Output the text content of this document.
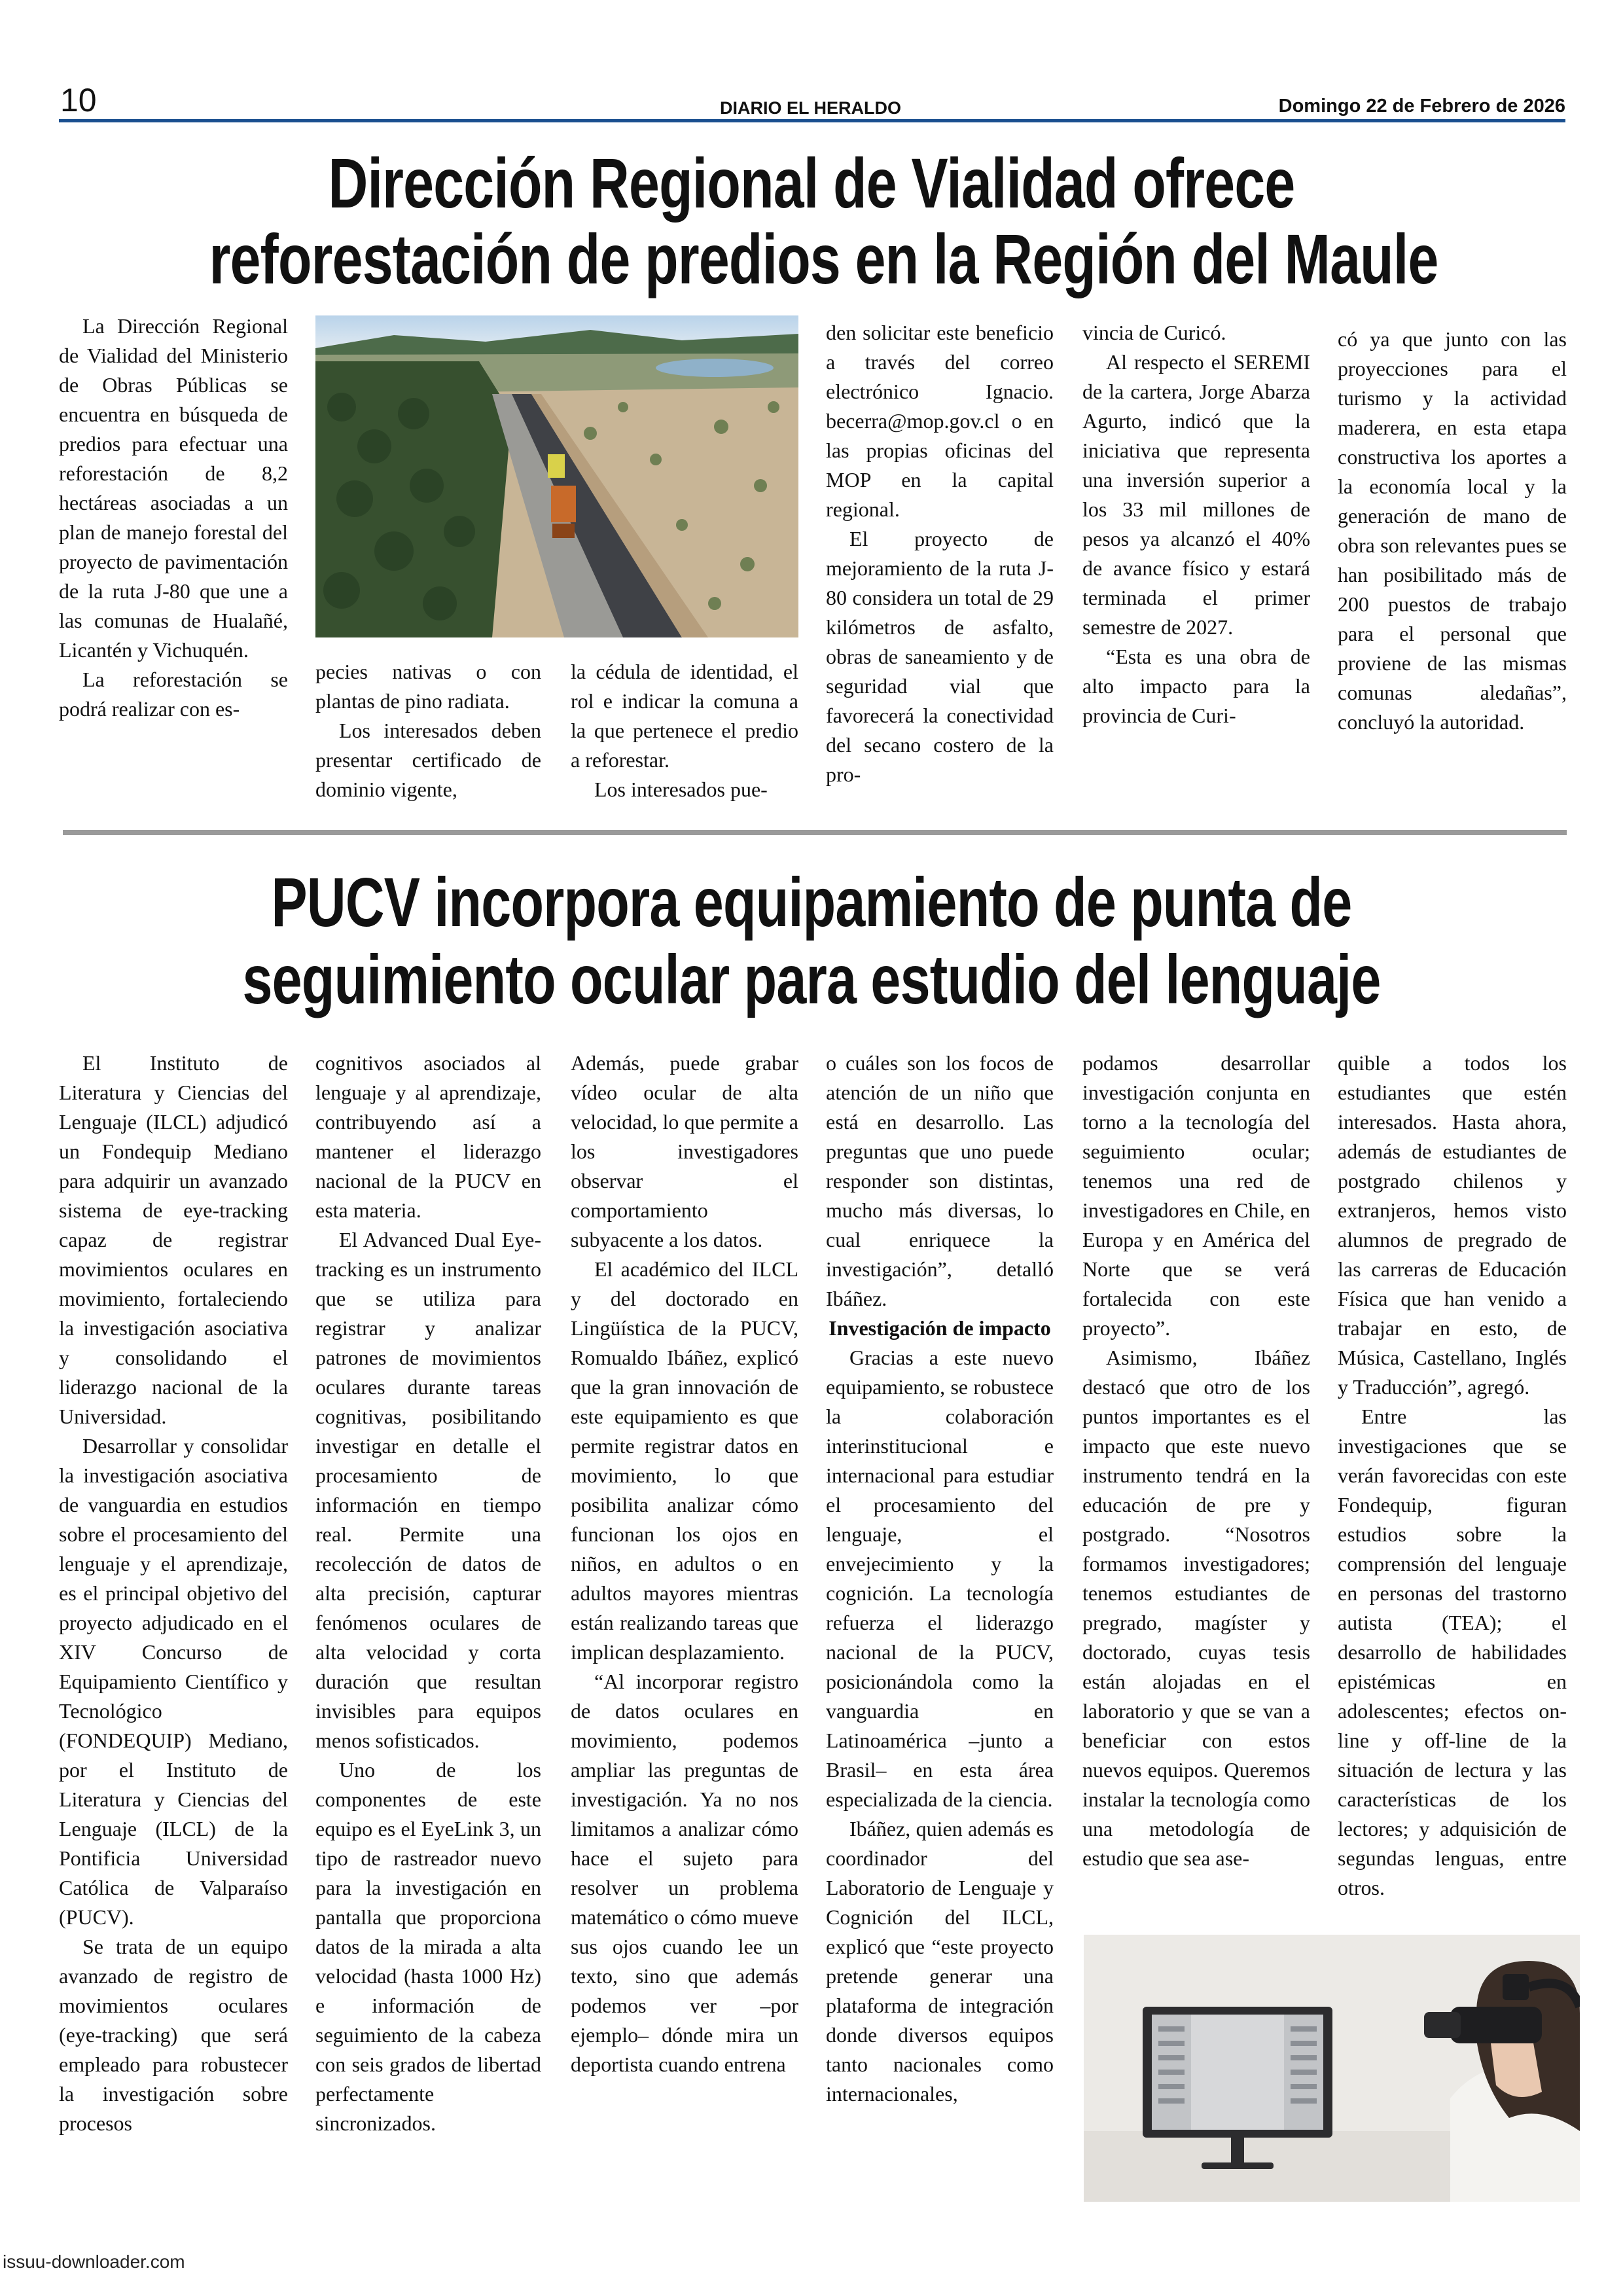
10	DIARIO EL HERALDO	Domingo 22 de Febrero de 2026
Dirección Regional de Vialidad ofrece
reforestación de predios en la Región del Maule

La Dirección Regional de Vialidad del Ministerio de Obras Públicas se encuentra en búsqueda de predios para efectuar una reforestación de 8,2 hectáreas asociadas a un plan de manejo forestal del proyecto de pavimentación de la ruta J-80 que une a las comunas de Hualañé, Licantén y Vichuquén.

La reforestación se podrá realizar con es-

pecies nativas o con plantas de pino radiata.

Los interesados deben presentar certificado de dominio vigente,

la cédula de identidad, el rol e indicar la comuna a la que pertenece el predio a reforestar.

Los interesados pue-

den solicitar este beneficio a través del correo electrónico Ignacio. becerra@mop.gov.cl o en las propias oficinas del MOP en la capital regional.

El proyecto de mejoramiento de la ruta J-80 considera un total de 29 kilómetros de asfalto, obras de saneamiento y de seguridad vial que favorecerá la conectividad del secano costero de la pro-

vincia de Curicó.

Al respecto el SEREMI de la cartera, Jorge Abarza Agurto, indicó que la iniciativa que representa una inversión superior a los 33 mil millones de pesos ya alcanzó el 40% de avance físico y estará terminada el primer semestre de 2027.

“Esta es una obra de alto impacto para la provincia de Curi-

có ya que junto con las proyecciones para el turismo y la actividad maderera, en esta etapa constructiva los aportes a la economía local y la generación de mano de obra son relevantes pues se han posibilitado más de 200 puestos de trabajo para el personal que proviene de las mismas comunas aledañas”, concluyó la autoridad.

PUCV incorpora equipamiento de punta de
seguimiento ocular para estudio del lenguaje

El Instituto de Literatura y Ciencias del Lenguaje (ILCL) adjudicó un Fondequip Mediano para adquirir un avanzado sistema de eye-tracking capaz de registrar movimientos oculares en movimiento, fortaleciendo la investigación asociativa y consolidando el liderazgo nacional de la Universidad.

Desarrollar y consolidar la investigación asociativa de vanguardia en estudios sobre el procesamiento del lenguaje y el aprendizaje, es el principal objetivo del proyecto adjudicado en el XIV Concurso de Equipamiento Científico y Tecnológico (FONDEQUIP) Mediano, por el Instituto de Literatura y Ciencias del Lenguaje (ILCL) de la Pontificia Universidad Católica de Valparaíso (PUCV).

Se trata de un equipo avanzado de registro de movimientos oculares (eye-tracking) que será empleado para robustecer la investigación sobre procesos

cognitivos asociados al lenguaje y al aprendizaje, contribuyendo así a mantener el liderazgo nacional de la PUCV en esta materia.

El Advanced Dual Eye-tracking es un instrumento que se utiliza para registrar y analizar patrones de movimientos oculares durante tareas cognitivas, posibilitando investigar en detalle el procesamiento de información en tiempo real. Permite una recolección de datos de alta precisión, capturar fenómenos oculares de alta velocidad y corta duración que resultan invisibles para equipos menos sofisticados.

Uno de los componentes de este equipo es el EyeLink 3, un tipo de rastreador nuevo para la investigación en pantalla que proporciona datos de la mirada a alta velocidad (hasta 1000 Hz) e información de seguimiento de la cabeza con seis grados de libertad perfectamente sincronizados.

Además, puede grabar vídeo ocular de alta velocidad, lo que permite a los investigadores observar el comportamiento subyacente a los datos.

El académico del ILCL y del doctorado en Lingüística de la PUCV, Romualdo Ibáñez, explicó que la gran innovación de este equipamiento es que permite registrar datos en movimiento, lo que posibilita analizar cómo funcionan los ojos en niños, en adultos o en adultos mayores mientras están realizando tareas que implican desplazamiento.

“Al incorporar registro de datos oculares en movimiento, podemos ampliar las preguntas de investigación. Ya no nos limitamos a analizar cómo hace el sujeto para resolver un problema matemático o cómo mueve sus ojos cuando lee un texto, sino que además podemos ver –por ejemplo– dónde mira un deportista cuando entrena

o cuáles son los focos de atención de un niño que está en desarrollo. Las preguntas que uno puede responder son distintas, mucho más diversas, lo cual enriquece la investigación”, detalló Ibáñez.

Investigación de impacto

Gracias a este nuevo equipamiento, se robustece la colaboración interinstitucional e internacional para estudiar el procesamiento del lenguaje, el envejecimiento y la cognición. La tecnología refuerza el liderazgo nacional de la PUCV, posicionándola como la vanguardia en Latinoamérica –junto a Brasil– en esta área especializada de la ciencia.

Ibáñez, quien además es coordinador del Laboratorio de Lenguaje y Cognición del ILCL, explicó que “este proyecto pretende generar una plataforma de integración donde diversos equipos tanto nacionales como internacionales,

podamos desarrollar investigación conjunta en torno a la tecnología del seguimiento ocular; tenemos una red de investigadores en Chile, en Europa y en América del Norte que se verá fortalecida con este proyecto”.

Asimismo, Ibáñez destacó que otro de los puntos importantes es el impacto que este nuevo instrumento tendrá en la educación de pre y postgrado. “Nosotros formamos investigadores; tenemos estudiantes de pregrado, magíster y doctorado, cuyas tesis están alojadas en el laboratorio y que se van a beneficiar con estos nuevos equipos. Queremos instalar la tecnología como una metodología de estudio que sea ase-

quible a todos los estudiantes que estén interesados. Hasta ahora, además de estudiantes de postgrado chilenos y extranjeros, hemos visto alumnos de pregrado de las carreras de Educación Física que han venido a trabajar en esto, de Música, Castellano, Inglés y Traducción”, agregó.

Entre las investigaciones que se verán favorecidas con este Fondequip, figuran estudios sobre la comprensión del lenguaje en personas del trastorno autista (TEA); el desarrollo de habilidades epistémicas en adolescentes; efectos on-line y off-line de la situación de lectura y las características de los lectores; y adquisición de segundas lenguas, entre otros.

issuu-downloader.com
